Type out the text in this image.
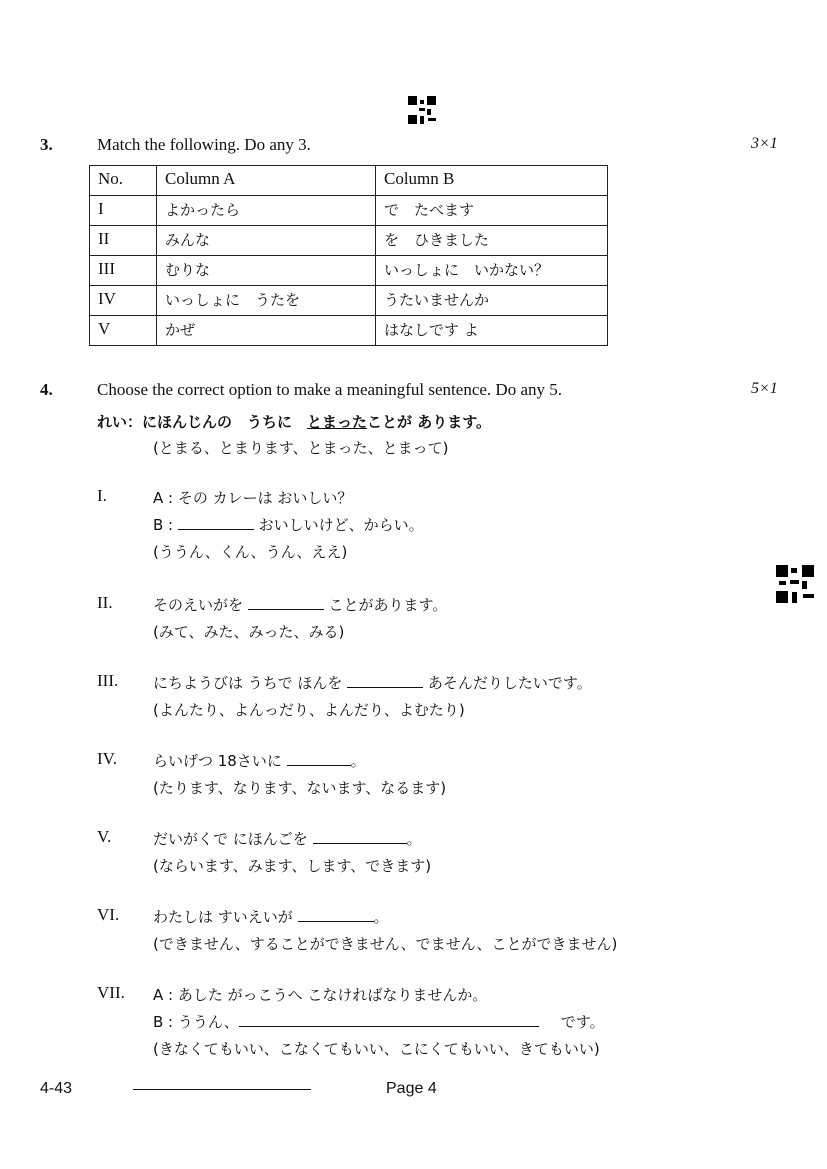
3.	Match the following. Do any 3.	3×1
No.	Column A	Column B
I	よかったら	で　たべます
II	みんな	を　ひきました
III	むりな	いっしょに　いかない？
IV	いっしょに　うたを	うたいませんか
V	かぜ	はなしです よ
4.	Choose the correct option to make a meaningful sentence. Do any 5.	5×1
れい：にほんじんの　うちに　とまったことが あります。
(とまる、とまります、とまった、とまって)
I.	A : その カレーは おいしい？
B :	おいしいけど、からい。
(ううん、くん、うん、ええ)
II.	そのえいがを	ことがあります。
(みて、みた、みった、みる)
III. にちようびは うちで ほんを	あそんだりしたいです。
(よんたり、よんっだり、よんだり、よむたり)
IV. らいげつ 18さいに	。
(たります、なります、ないます、なるます)
V.	だいがくで にほんごを	。
(ならいます、みます、します、できます)
VI. わたしは すいえいが	。
(できません、することができません、でません、ことができません)
VII. A : あした がっこうへ こなければなりませんか。
B : ううん、	です。
(きなくてもいい、こなくてもいい、こにくてもいい、きてもいい)
4-43	Page 4
